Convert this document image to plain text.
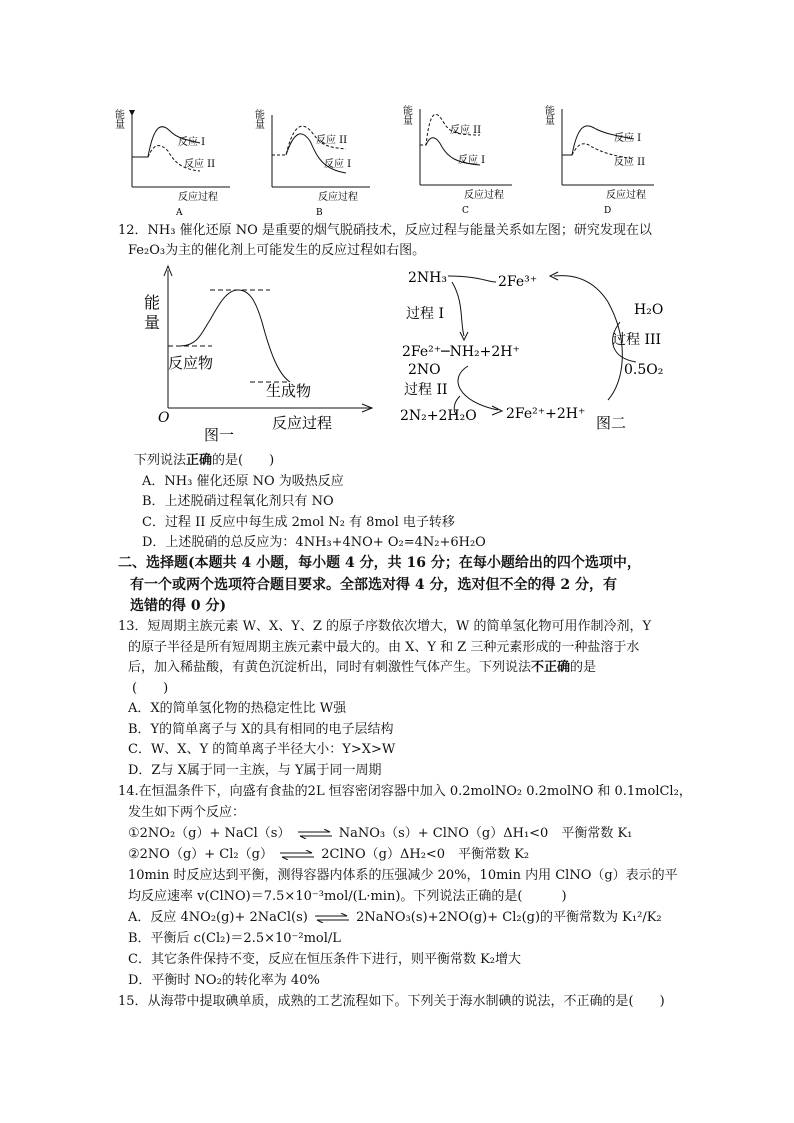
能量
反应 I
反应 II
反应过程
A
能量
反应 II
反应 I
反应过程
B
能量
反应 II
反应 I
反应过程
C
能量
反应 I
反应 II
反应过程
D
12．NH₃ 催化还原 NO 是重要的烟气脱硝技术，反应过程与能量关系如左图；研究发现在以
Fe₂O₃为主的催化剂上可能发生的反应过程如右图。
能
量
反应物
生成物
O	反应过程
图一
2NH₃	2Fe³⁺
过程 I	H₂O
过程 III
2Fe²⁺─NH₂+2H⁺
2NO	0.5O₂
过程 II
2N₂+2H₂O 2Fe²⁺+2H⁺ 图二
下列说法正确的是(　　)
A．NH₃ 催化还原 NO 为吸热反应
B．上述脱硝过程氧化剂只有 NO
C．过程 II 反应中每生成 2mol N₂ 有 8mol 电子转移
D．上述脱硝的总反应为：4NH₃+4NO+ O₂=4N₂+6H₂O
二、选择题(本题共 4 小题，每小题 4 分，共 16 分；在每小题给出的四个选项中，
有一个或两个选项符合题目要求。全部选对得 4 分，选对但不全的得 2 分，有
选错的得 0 分)
13．短周期主族元素 W、X、Y、Z 的原子序数依次增大，W 的简单氢化物可用作制冷剂，Y
的原子半径是所有短周期主族元素中最大的。由 X、Y 和 Z 三种元素形成的一种盐溶于水
后，加入稀盐酸，有黄色沉淀析出，同时有刺激性气体产生。下列说法不正确的是
(　　)
A．X的简单氢化物的热稳定性比 W强
B．Y的简单离子与 X的具有相同的电子层结构
C．W、X、Y 的简单离子半径大小：Y>X>W
D．Z与 X属于同一主族，与 Y属于同一周期
14.在恒温条件下，向盛有食盐的2L 恒容密闭容器中加入 0.2molNO₂ 0.2molNO 和 0.1molCl₂，
发生如下两个反应：
①2NO₂（g）+ NaCl（s） ⇌ NaNO₃（s）+ ClNO（g）ΔH₁<0　平衡常数 K₁
②2NO（g）+ Cl₂（g） ⇌ 2ClNO（g）ΔH₂<0　平衡常数 K₂
10min 时反应达到平衡，测得容器内体系的压强减少 20%，10min 内用 ClNO（g）表示的平
均反应速率 v(ClNO)＝7.5×10⁻³mol/(L·min)。下列说法正确的是(　　　)
A．反应 4NO₂(g)+ 2NaCl(s) ⇌ 2NaNO₃(s)+2NO(g)+ Cl₂(g)的平衡常数为 K₁²/K₂
B．平衡后 c(Cl₂)＝2.5×10⁻²mol/L
C．其它条件保持不变，反应在恒压条件下进行，则平衡常数 K₂增大
D．平衡时 NO₂的转化率为 40%
15．从海带中提取碘单质，成熟的工艺流程如下。下列关于海水制碘的说法，不正确的是(　　)
